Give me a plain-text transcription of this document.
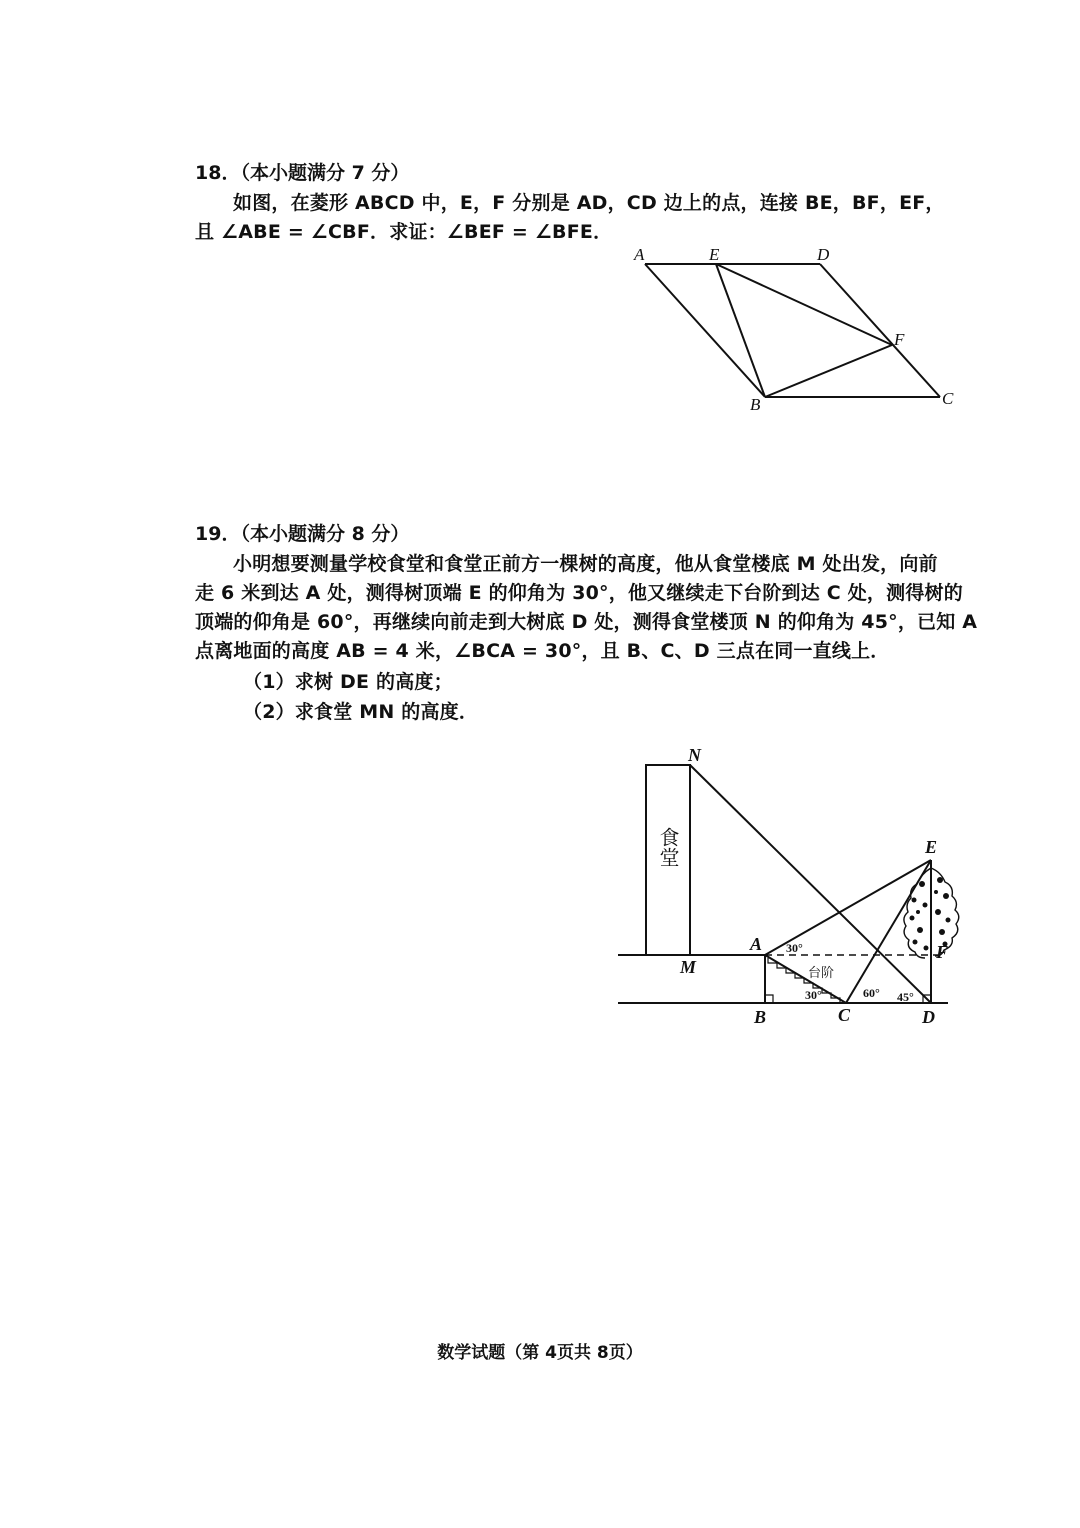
18．（本小题满分 7 分）
如图，在菱形 ABCD 中，E，F 分别是 AD，CD 边上的点，连接 BE，BF，EF，
且 ∠ABE = ∠CBF．求证：∠BEF = ∠BFE．
A	E	D
F
B	C
19．（本小题满分 8 分）
小明想要测量学校食堂和食堂正前方一棵树的高度，他从食堂楼底 M 处出发，向前
走 6 米到达 A 处，测得树顶端 E 的仰角为 30°，他又继续走下台阶到达 C 处，测得树的
顶端的仰角是 60°，再继续向前走到大树底 D 处，测得食堂楼顶 N 的仰角为 45°，已知 A
点离地面的高度 AB = 4 米，∠BCA = 30°，且 B、C、D 三点在同一直线上．
（1）求树 DE 的高度；
（2）求食堂 MN 的高度．
食堂
N
M
A
B	C	D
E
F
30°
30°	60° 45°
台阶
数学试题（第 4页共 8页）
